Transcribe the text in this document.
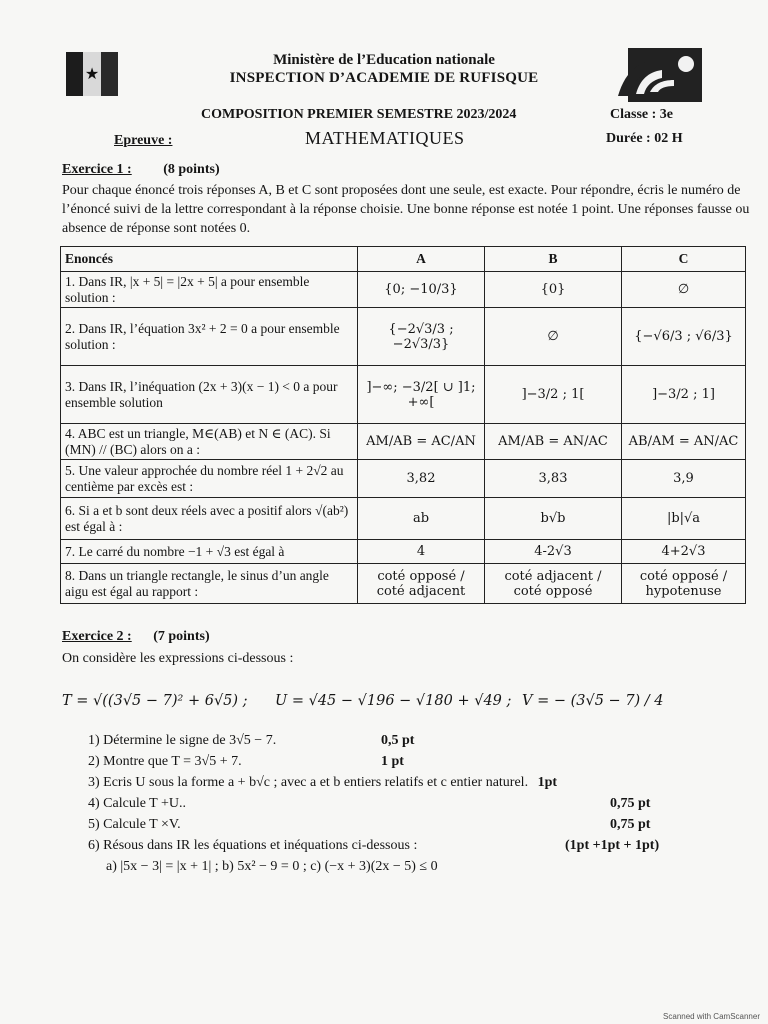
★
Ministère de l’Education nationale
INSPECTION D’ACADEMIE DE RUFISQUE
COMPOSITION PREMIER SEMESTRE 2023/2024	Classe : 3e
Epreuve :	MATHEMATIQUES	Durée : 02 H
Exercice 1 : (8 points)

Pour chaque énoncé trois réponses A, B et C sont proposées dont une seule, est exacte. Pour répondre, écris le numéro de l’énoncé suivi de la lettre correspondant à la réponse choisie. Une bonne réponse est notée 1 point. Une réponses fausse ou absence de réponse sont notées 0.

Enoncés	A	B	C
1. Dans IR, |x + 5| = |2x + 5| a pour ensemble solution :	{0; −10/3}	{0}	∅
2. Dans IR, l’équation 3x² + 2 = 0 a pour ensemble solution :	{−2√3/3 ; −2√3/3}	∅	{−√6/3 ; √6/3}
3. Dans IR, l’inéquation (2x + 3)(x − 1) < 0 a pour ensemble solution	]−∞; −3/2[ ∪ ]1; +∞[	]−3/2 ; 1[	]−3/2 ; 1]
4. ABC est un triangle, M∈(AB) et N ∈ (AC). Si (MN) // (BC) alors on a :	AM/AB = AC/AN	AM/AB = AN/AC	AB/AM = AN/AC
5. Une valeur approchée du nombre réel 1 + 2√2 au centième par excès est :	3,82	3,83	3,9
6. Si a et b sont deux réels avec a positif alors √(ab²) est égal à :	ab	b√b	|b|√a
7. Le carré du nombre −1 + √3 est égal à	4	4-2√3	4+2√3
8. Dans un triangle rectangle, le sinus d’un angle aigu est égal au rapport :	coté opposé / coté adjacent	coté adjacent / coté opposé	coté opposé / hypotenuse
Exercice 2 : (7 points)
On considère les expressions ci-dessous :
T = √((3√5 − 7)² + 6√5) ; U = √45 − √196 − √180 + √49 ; V = − (3√5 − 7) / 4
1) Détermine le signe de 3√5 − 7.	0,5 pt
2) Montre que T = 3√5 + 7.	1 pt
3) Ecris U sous la forme a + b√c ; avec a et b entiers relatifs et c entier naturel. 1pt
4) Calcule T +U..	0,75 pt
5) Calcule T ×V.	0,75 pt
6) Résous dans IR les équations et inéquations ci-dessous :	(1pt +1pt + 1pt)
a) |5x − 3| = |x + 1| ; b) 5x² − 9 = 0 ; c) (−x + 3)(2x − 5) ≤ 0
Scanned with CamScanner
